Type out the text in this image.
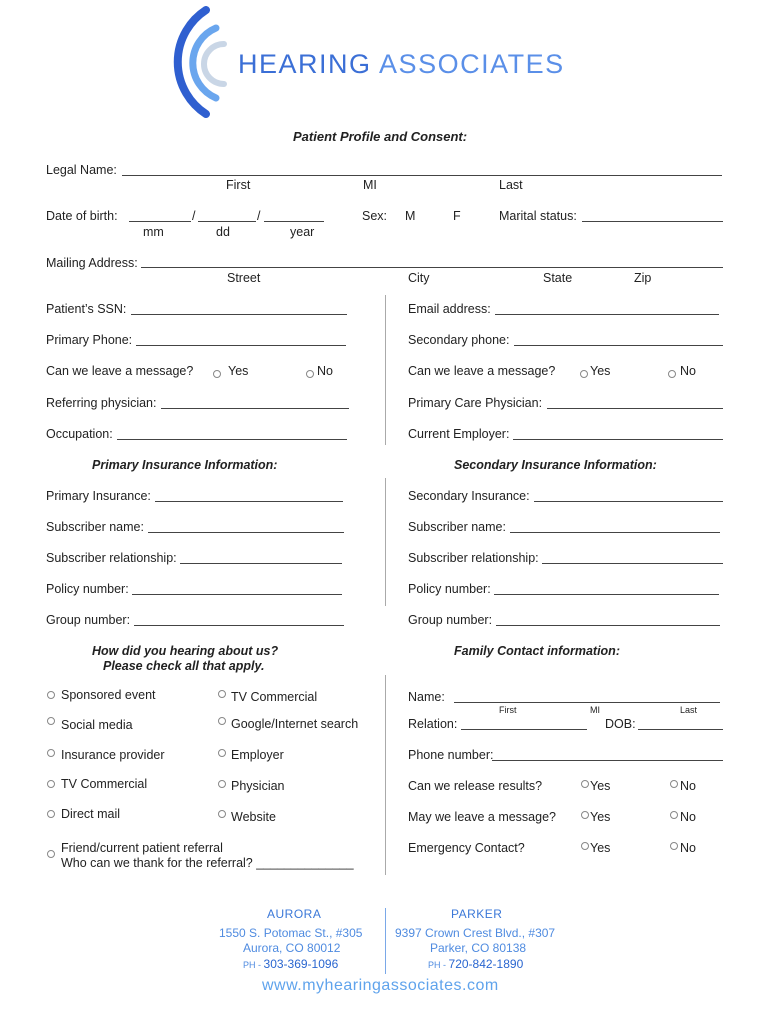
HEARING ASSOCIATES
Patient Profile and Consent:
Legal Name:
First	MI	Last
Date of birth:	/	/
mm	dd	year
Sex: M	F	Marital status:
Mailing Address:
Street	City	State	Zip
Patient’s SSN:
Primary Phone:
Can we leave a message?	Yes	No
Referring physician:
Occupation:
Email address:
Secondary phone:
Can we leave a message?	Yes	No
Primary Care Physician:
Current Employer:
Primary Insurance Information:	Secondary Insurance Information:
Primary Insurance:
Subscriber name:
Subscriber relationship:
Policy number:
Group number:
Secondary Insurance:
Subscriber name:
Subscriber relationship:
Policy number:
Group number:
How did you hearing about us?
Please check all that apply.
Family Contact information:
Sponsored event
Social media
Insurance provider
TV Commercial
Direct mail
TV Commercial
Google/Internet search
Employer
Physician
Website
Friend/current patient referral
Who can we thank for the referral? ______________
Name:
First	MI	Last
Relation:	DOB:
Phone number:
Can we release results?	Yes	No
May we leave a message?	Yes	No
Emergency Contact?	Yes	No
AURORA
1550 S. Potomac St., #305
Aurora, CO 80012
PH - 303-369-1096
PARKER
9397 Crown Crest Blvd., #307
Parker, CO 80138
PH - 720-842-1890
www.myhearingassociates.com
